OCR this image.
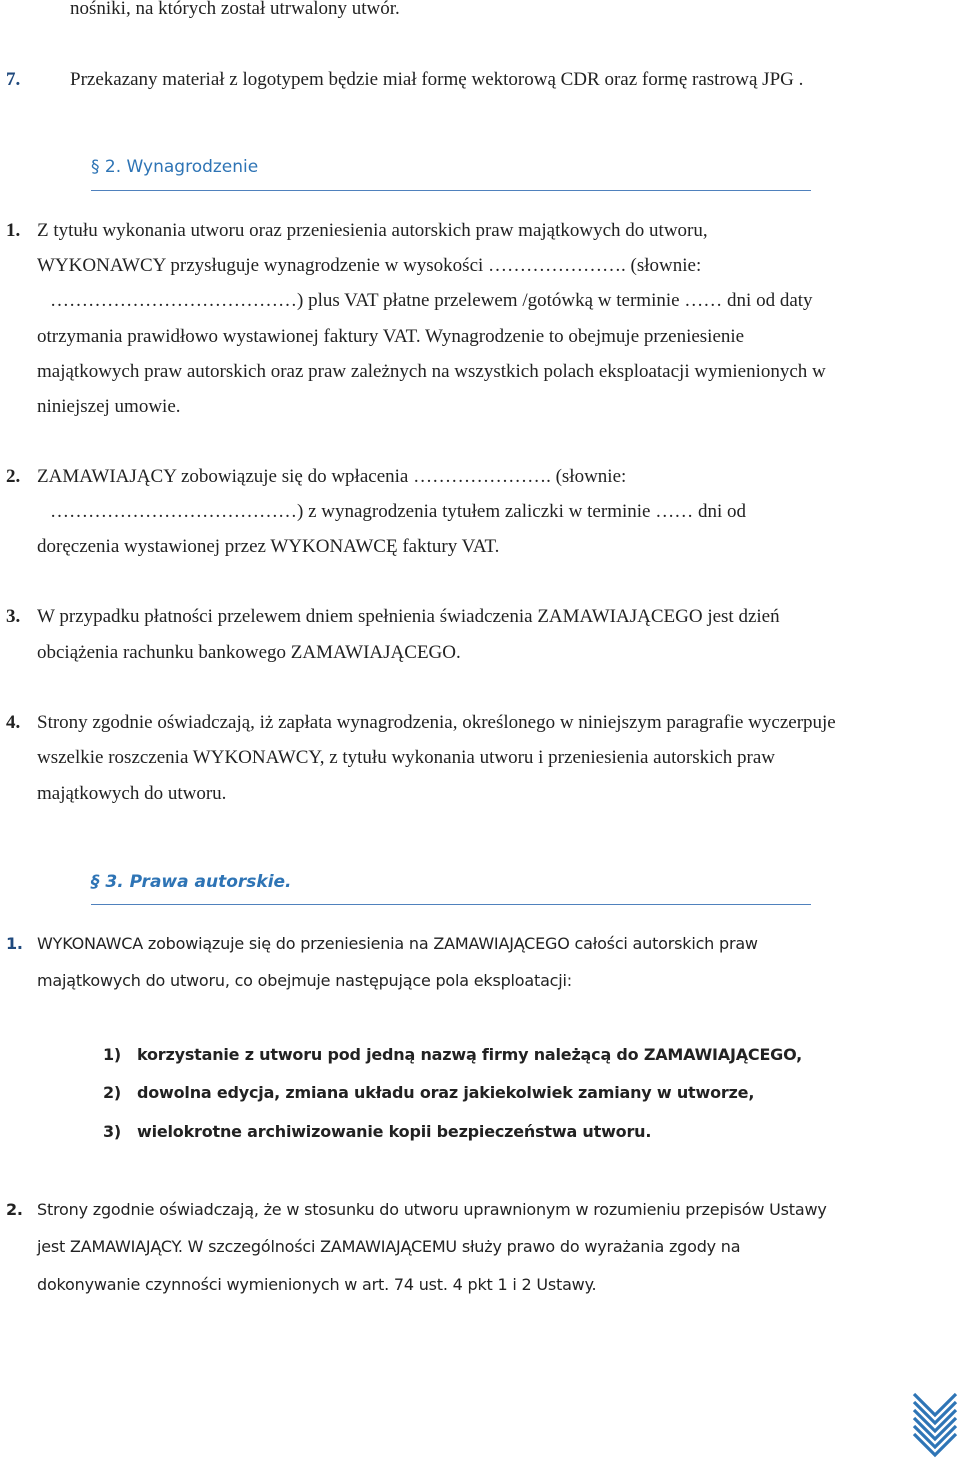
nośniki, na których został utrwalony utwór.
7.	Przekazany materiał z logotypem będzie miał formę wektorową CDR oraz formę rastrową JPG .
§ 2. Wynagrodzenie
1. Z tytułu wykonania utworu oraz przeniesienia autorskich praw majątkowych do utworu,
WYKONAWCY przysługuje wynagrodzenie w wysokości …………………. (słownie:
…………………………………) plus VAT płatne przelewem /gotówką w terminie …… dni od daty
otrzymania prawidłowo wystawionej faktury VAT. Wynagrodzenie to obejmuje przeniesienie
majątkowych praw autorskich oraz praw zależnych na wszystkich polach eksploatacji wymienionych w
niniejszej umowie.
2. ZAMAWIAJĄCY zobowiązuje się do wpłacenia …………………. (słownie:
…………………………………) z wynagrodzenia tytułem zaliczki w terminie …… dni od
doręczenia wystawionej przez WYKONAWCĘ faktury VAT.
3. W przypadku płatności przelewem dniem spełnienia świadczenia ZAMAWIAJĄCEGO jest dzień
obciążenia rachunku bankowego ZAMAWIAJĄCEGO.
4. Strony zgodnie oświadczają, iż zapłata wynagrodzenia, określonego w niniejszym paragrafie wyczerpuje
wszelkie roszczenia WYKONAWCY, z tytułu wykonania utworu i przeniesienia autorskich praw
majątkowych do utworu.
§ 3. Prawa autorskie.
1. WYKONAWCA zobowiązuje się do przeniesienia na ZAMAWIAJĄCEGO całości autorskich praw
majątkowych do utworu, co obejmuje następujące pola eksploatacji:
1) korzystanie z utworu pod jedną nazwą firmy należącą do ZAMAWIAJĄCEGO,
2) dowolna edycja, zmiana układu oraz jakiekolwiek zamiany w utworze,
3) wielokrotne archiwizowanie kopii bezpieczeństwa utworu.
2. Strony zgodnie oświadczają, że w stosunku do utworu uprawnionym w rozumieniu przepisów Ustawy
jest ZAMAWIAJĄCY. W szczególności ZAMAWIAJĄCEMU służy prawo do wyrażania zgody na
dokonywanie czynności wymienionych w art. 74 ust. 4 pkt 1 i 2 Ustawy.
